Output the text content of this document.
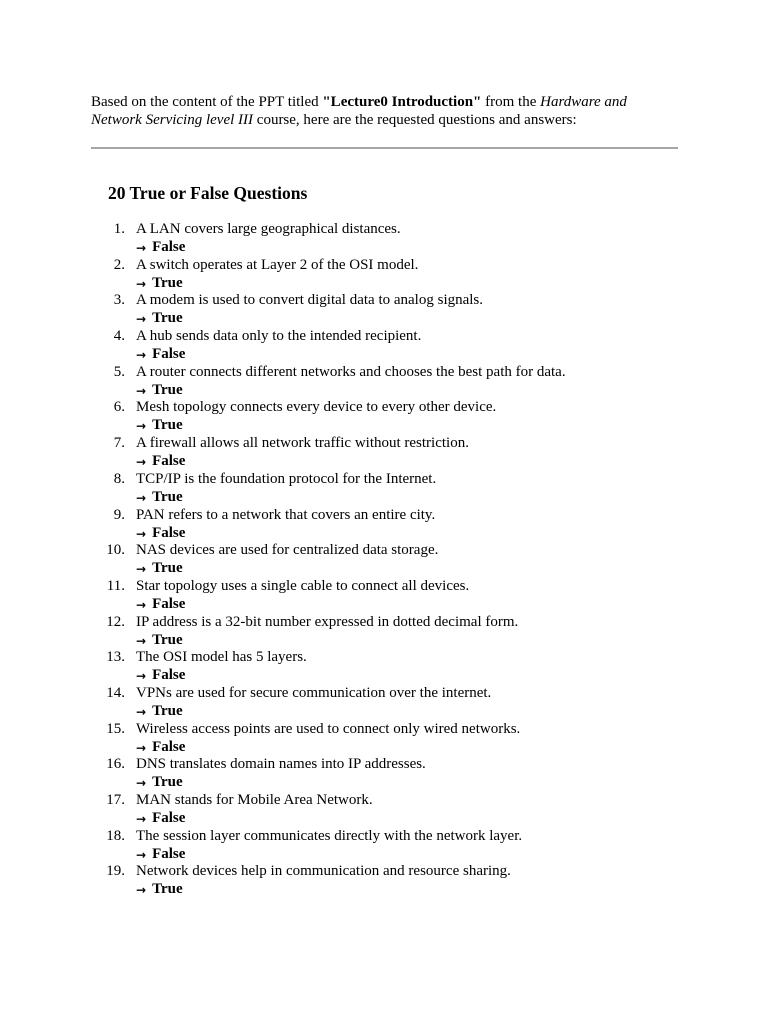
Based on the content of the PPT titled "Lecture0 Introduction" from the Hardware and Network Servicing level III course, here are the requested questions and answers:

20 True or False Questions
1. A LAN covers large geographical distances.
→ False
2. A switch operates at Layer 2 of the OSI model.
→ True
3. A modem is used to convert digital data to analog signals.
→ True
4. A hub sends data only to the intended recipient.
→ False
5. A router connects different networks and chooses the best path for data.
→ True
6. Mesh topology connects every device to every other device.
→ True
7. A firewall allows all network traffic without restriction.
→ False
8. TCP/IP is the foundation protocol for the Internet.
→ True
9. PAN refers to a network that covers an entire city.
→ False
10. NAS devices are used for centralized data storage.
→ True
11. Star topology uses a single cable to connect all devices.
→ False
12. IP address is a 32-bit number expressed in dotted decimal form.
→ True
13. The OSI model has 5 layers.
→ False
14. VPNs are used for secure communication over the internet.
→ True
15. Wireless access points are used to connect only wired networks.
→ False
16. DNS translates domain names into IP addresses.
→ True
17. MAN stands for Mobile Area Network.
→ False
18. The session layer communicates directly with the network layer.
→ False
19. Network devices help in communication and resource sharing.
→ True
